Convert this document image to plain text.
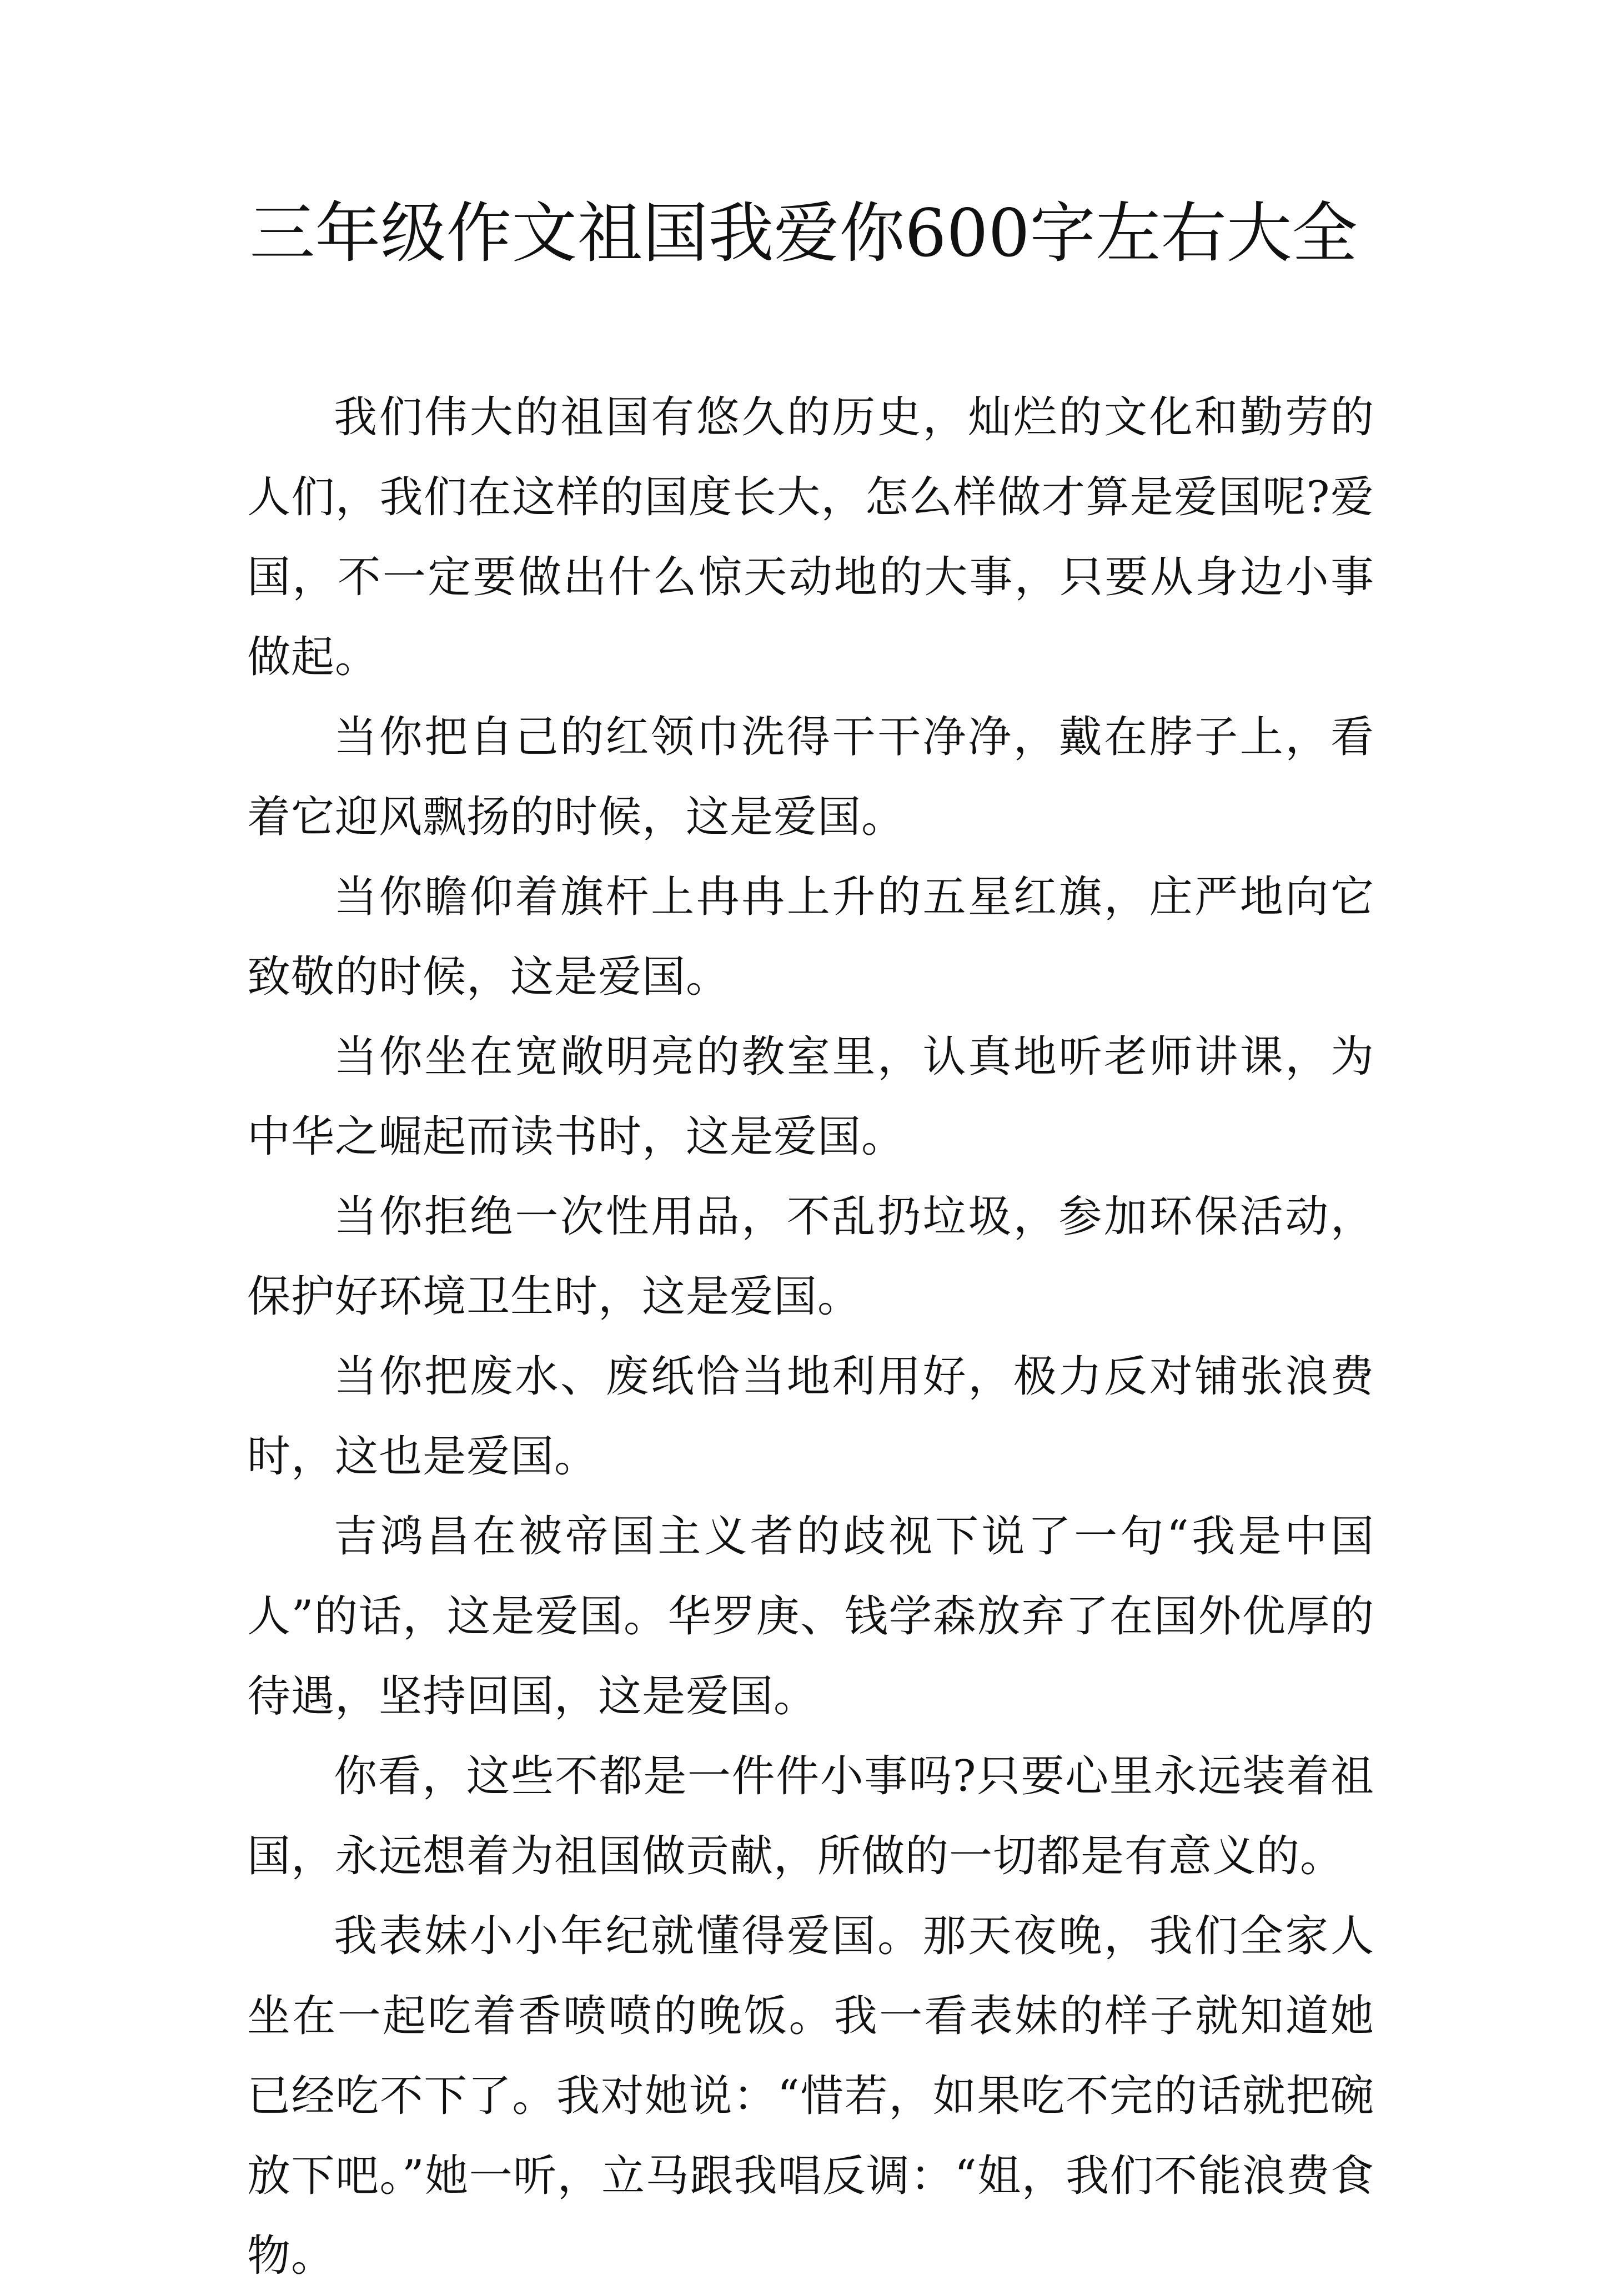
三年级作文祖国我爱你600字左右大全

我们伟大的祖国有悠久的历史，灿烂的文化和勤劳的人们，我们在这样的国度长大，怎么样做才算是爱国呢?爱国，不一定要做出什么惊天动地的大事，只要从身边小事做起。

当你把自己的红领巾洗得干干净净，戴在脖子上，看着它迎风飘扬的时候，这是爱国。

当你瞻仰着旗杆上冉冉上升的五星红旗，庄严地向它致敬的时候，这是爱国。

当你坐在宽敞明亮的教室里，认真地听老师讲课，为中华之崛起而读书时，这是爱国。

当你拒绝一次性用品，不乱扔垃圾，参加环保活动，保护好环境卫生时，这是爱国。

当你把废水、废纸恰当地利用好，极力反对铺张浪费时，这也是爱国。

吉鸿昌在被帝国主义者的歧视下说了一句“我是中国人”的话，这是爱国。华罗庚、钱学森放弃了在国外优厚的待遇，坚持回国，这是爱国。

你看，这些不都是一件件小事吗?只要心里永远装着祖国，永远想着为祖国做贡献，所做的一切都是有意义的。

我表妹小小年纪就懂得爱国。那天夜晚，我们全家人坐在一起吃着香喷喷的晚饭。我一看表妹的样子就知道她已经吃不下了。我对她说：“惜若，如果吃不完的话就把碗放下吧。”她一听，立马跟我唱反调：“姐，我们不能浪费食物。
